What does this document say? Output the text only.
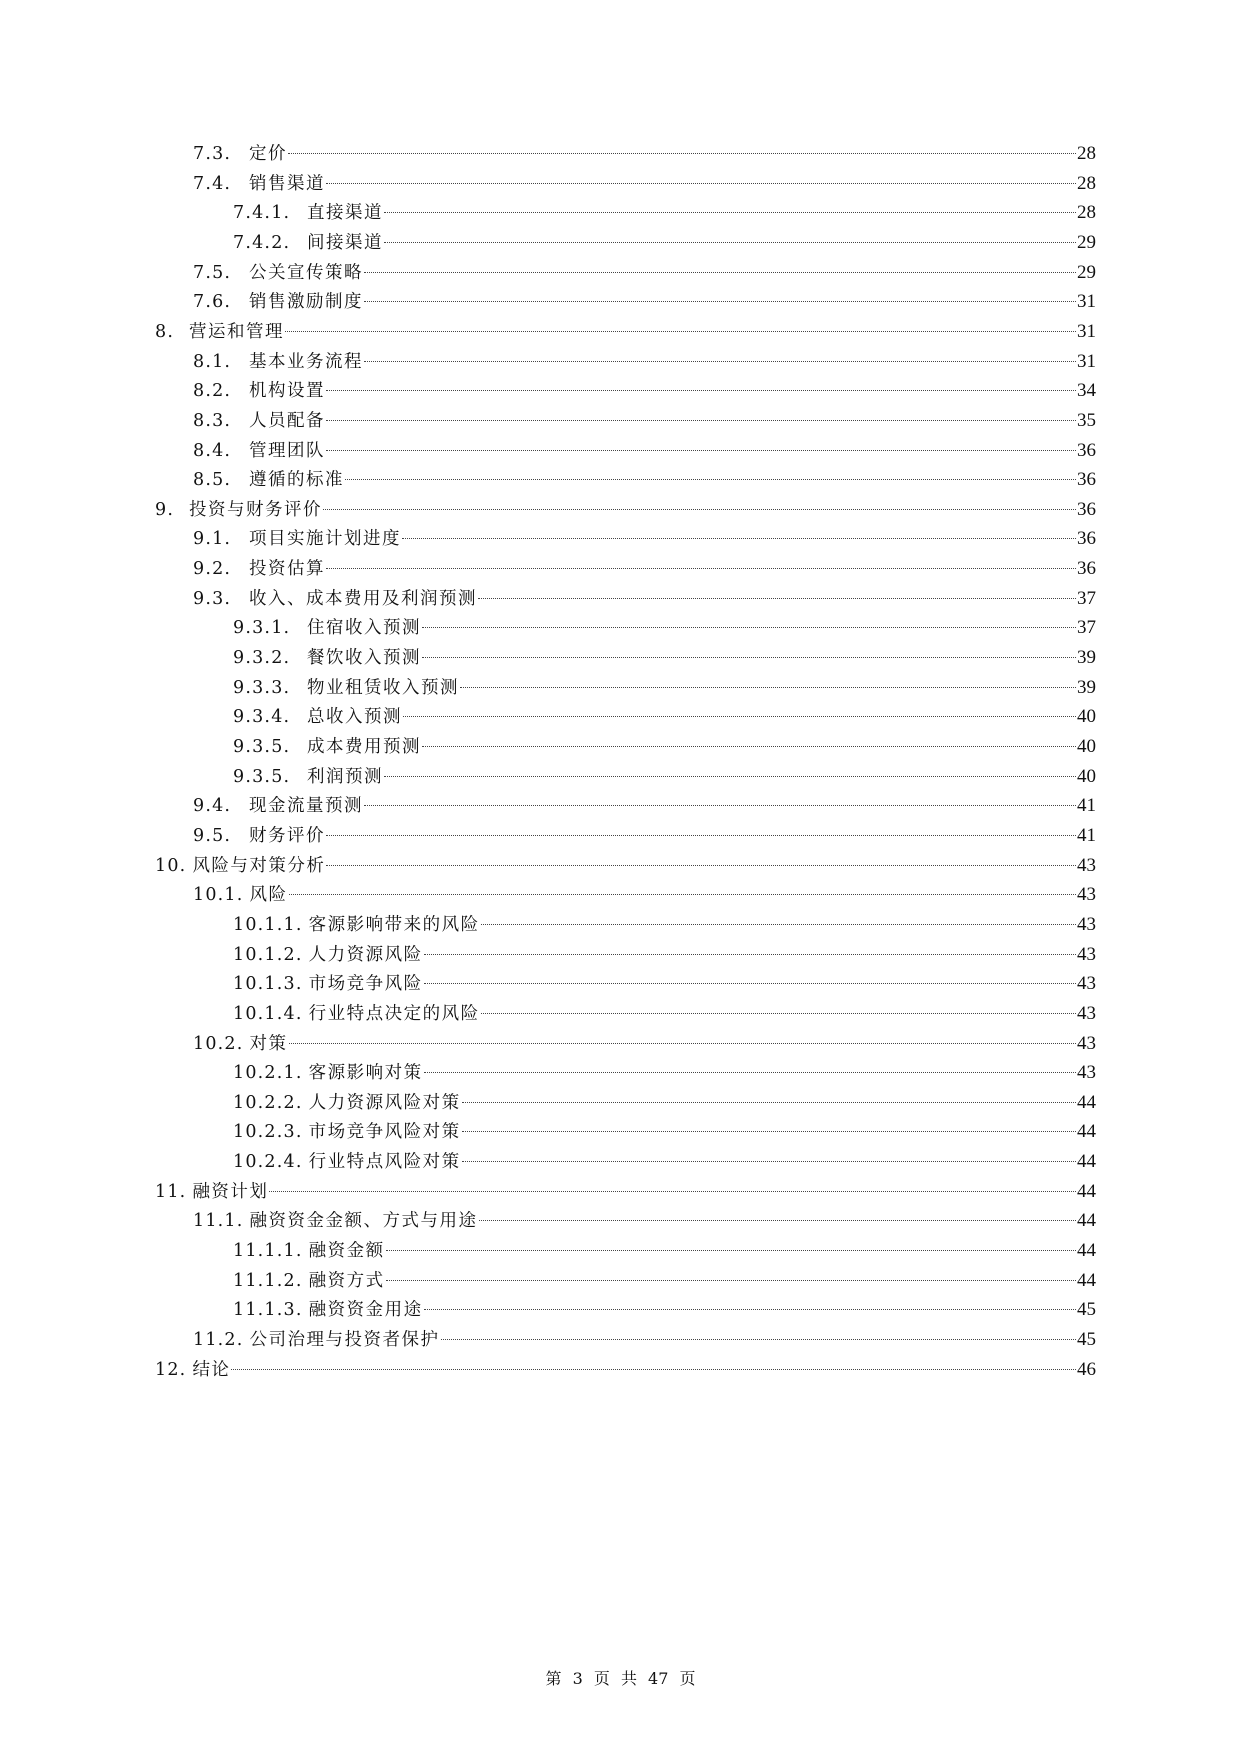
7.3.	定价	28
7.4.	销售渠道	28
7.4.1. 直接渠道	28
7.4.2. 间接渠道	29
7.5.	公关宣传策略	29
7.6.	销售激励制度	31
8. 营运和管理	31
8.1.	基本业务流程	31
8.2.	机构设置	34
8.3.	人员配备	35
8.4.	管理团队	36
8.5.	遵循的标准	36
9. 投资与财务评价	36
9.1.	项目实施计划进度	36
9.2.	投资估算	36
9.3.	收入、成本费用及利润预测	37
9.3.1. 住宿收入预测	37
9.3.2. 餐饮收入预测	39
9.3.3. 物业租赁收入预测	39
9.3.4. 总收入预测	40
9.3.5. 成本费用预测	40
9.3.5. 利润预测	40
9.4.	现金流量预测	41
9.5.	财务评价	41
10. 风险与对策分析	43
10.1. 风险	43
10.1.1. 客源影响带来的风险	43
10.1.2. 人力资源风险	43
10.1.3. 市场竞争风险	43
10.1.4. 行业特点决定的风险	43
10.2. 对策	43
10.2.1. 客源影响对策	43
10.2.2. 人力资源风险对策	44
10.2.3. 市场竞争风险对策	44
10.2.4. 行业特点风险对策	44
11. 融资计划	44
11.1. 融资资金金额、方式与用途	44
11.1.1. 融资金额	44
11.1.2. 融资方式	44
11.1.3. 融资资金用途	45
11.2. 公司治理与投资者保护	45
12. 结论	46
第 3 页 共 47 页
